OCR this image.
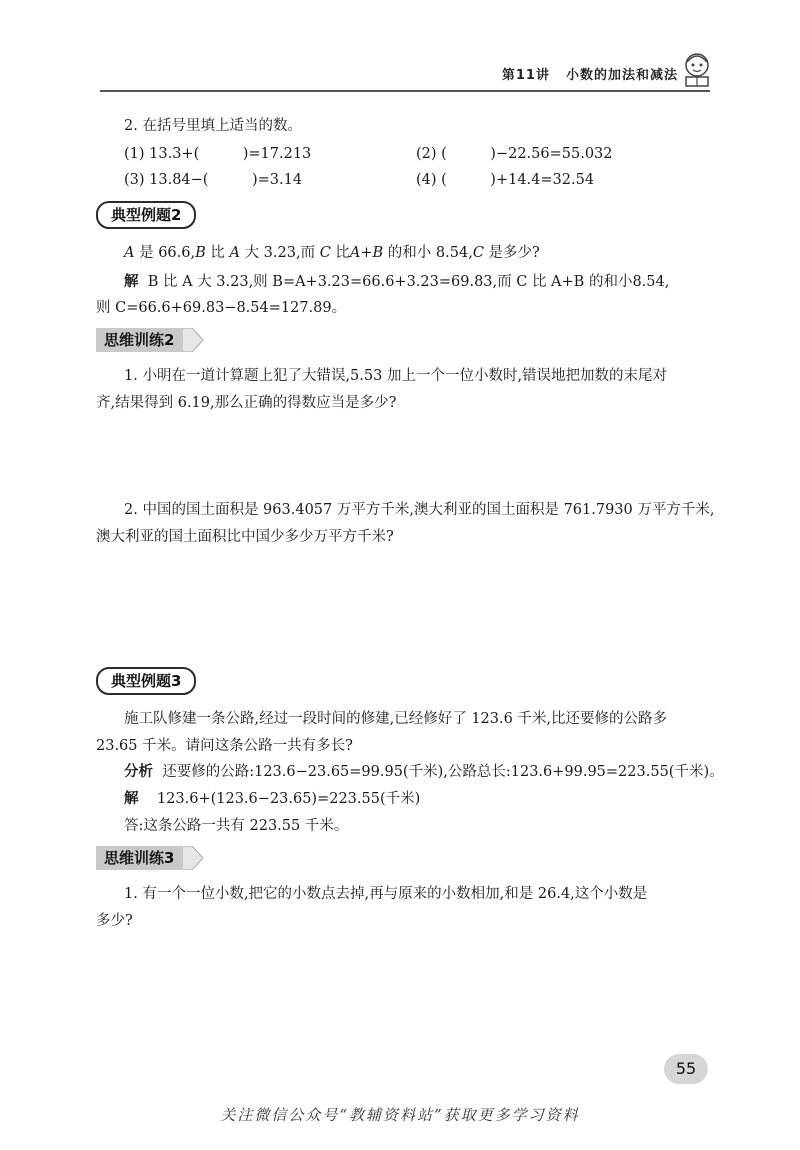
第11讲 小数的加法和减法
2. 在括号里填上适当的数。
(1) 13.3+(　　　)=17.213	(2) (　　　)−22.56=55.032
(3) 13.84−(　　　)=3.14	(4) (　　　)+14.4=32.54
典型例题2
A 是 66.6,B 比 A 大 3.23,而 C 比A+B 的和小 8.54,C 是多少?
解 B 比 A 大 3.23,则 B=A+3.23=66.6+3.23=69.83,而 C 比 A+B 的和小8.54,
则 C=66.6+69.83−8.54=127.89。
思维训练2
1. 小明在一道计算题上犯了大错误,5.53 加上一个一位小数时,错误地把加数的末尾对
齐,结果得到 6.19,那么正确的得数应当是多少?
2. 中国的国土面积是 963.4057 万平方千米,澳大利亚的国土面积是 761.7930 万平方千米,
澳大利亚的国土面积比中国少多少万平方千米?
典型例题3
施工队修建一条公路,经过一段时间的修建,已经修好了 123.6 千米,比还要修的公路多
23.65 千米。请问这条公路一共有多长?
分析 还要修的公路:123.6−23.65=99.95(千米),公路总长:123.6+99.95=223.55(千米)。
解 123.6+(123.6−23.65)=223.55(千米)
答:这条公路一共有 223.55 千米。
思维训练3
1. 有一个一位小数,把它的小数点去掉,再与原来的小数相加,和是 26.4,这个小数是
多少?
55
关注微信公众号“教辅资料站”获取更多学习资料
